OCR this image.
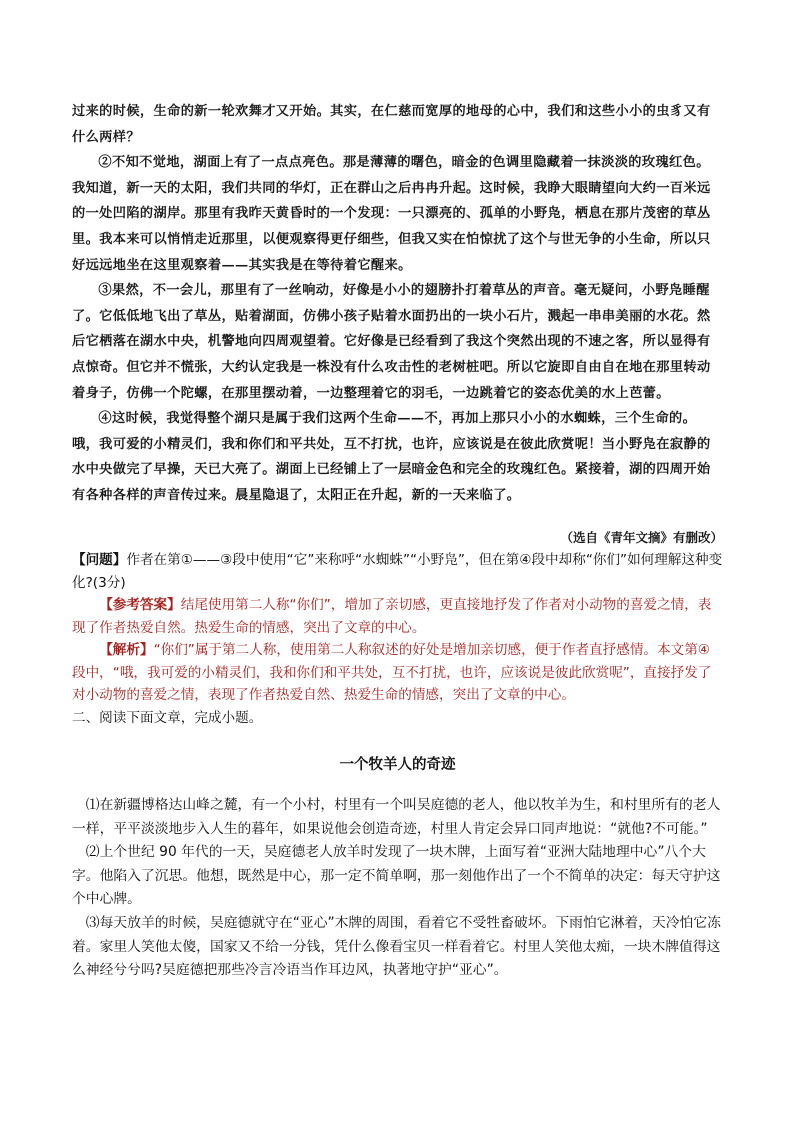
过来的时候，生命的新一轮欢舞才又开始。其实，在仁慈而宽厚的地母的心中，我们和这些小小的虫豸又有什么两样？

②不知不觉地，湖面上有了一点点亮色。那是薄薄的曙色，暗金的色调里隐藏着一抹淡淡的玫瑰红色。我知道，新一天的太阳，我们共同的华灯，正在群山之后冉冉升起。这时候，我睁大眼睛望向大约一百米远的一处凹陷的湖岸。那里有我昨天黄昏时的一个发现：一只漂亮的、孤单的小野凫，栖息在那片茂密的草丛里。我本来可以悄悄走近那里，以便观察得更仔细些，但我又实在怕惊扰了这个与世无争的小生命，所以只好远远地坐在这里观察着——其实我是在等待着它醒来。

③果然，不一会儿，那里有了一丝响动，好像是小小的翅膀扑打着草丛的声音。毫无疑问，小野凫睡醒了。它低低地飞出了草丛，贴着湖面，仿佛小孩子贴着水面扔出的一块小石片，溅起一串串美丽的水花。然后它栖落在湖水中央，机警地向四周观望着。它好像是已经看到了我这个突然出现的不速之客，所以显得有点惊奇。但它并不慌张，大约认定我是一株没有什么攻击性的老树桩吧。所以它旋即自由自在地在那里转动着身子，仿佛一个陀螺，在那里摆动着，一边整理着它的羽毛，一边跳着它的姿态优美的水上芭蕾。

④这时候，我觉得整个湖只是属于我们这两个生命——不，再加上那只小小的水蜘蛛，三个生命的。哦，我可爱的小精灵们，我和你们和平共处，互不打扰，也许，应该说是在彼此欣赏呢！当小野凫在寂静的水中央做完了早操，天已大亮了。湖面上已经铺上了一层暗金色和完全的玫瑰红色。紧接着，湖的四周开始有各种各样的声音传过来。晨星隐退了，太阳正在升起，新的一天来临了。

（选自《青年文摘》有删改）

【问题】作者在第①——③段中使用“它”来称呼“水蜘蛛”“小野凫”，但在第④段中却称“你们”如何理解这种变化?(3分)

【参考答案】结尾使用第二人称“你们”，增加了亲切感，更直接地抒发了作者对小动物的喜爱之情，表现了作者热爱自然。热爱生命的情感，突出了文章的中心。

【解析】“你们”属于第二人称，使用第二人称叙述的好处是增加亲切感，便于作者直抒感情。本文第④段中，“哦，我可爱的小精灵们，我和你们和平共处，互不打扰，也许，应该说是彼此欣赏呢”，直接抒发了对小动物的喜爱之情，表现了作者热爱自然、热爱生命的情感，突出了文章的中心。

二、阅读下面文章，完成小题。

一个牧羊人的奇迹

⑴在新疆博格达山峰之麓，有一个小村，村里有一个叫吴庭德的老人，他以牧羊为生，和村里所有的老人一样，平平淡淡地步入人生的暮年，如果说他会创造奇迹，村里人肯定会异口同声地说：“就他?不可能。”

⑵上个世纪 90 年代的一天，吴庭德老人放羊时发现了一块木牌，上面写着“亚洲大陆地理中心”八个大字。他陷入了沉思。他想，既然是中心，那一定不简单啊，那一刻他作出了一个不简单的决定：每天守护这个中心牌。

⑶每天放羊的时候，吴庭德就守在“亚心”木牌的周围，看着它不受牲畜破坏。下雨怕它淋着，天冷怕它冻着。家里人笑他太傻，国家又不给一分钱，凭什么像看宝贝一样看着它。村里人笑他太痴，一块木牌值得这么神经兮兮吗?吴庭德把那些冷言冷语当作耳边风，执著地守护“亚心”。
